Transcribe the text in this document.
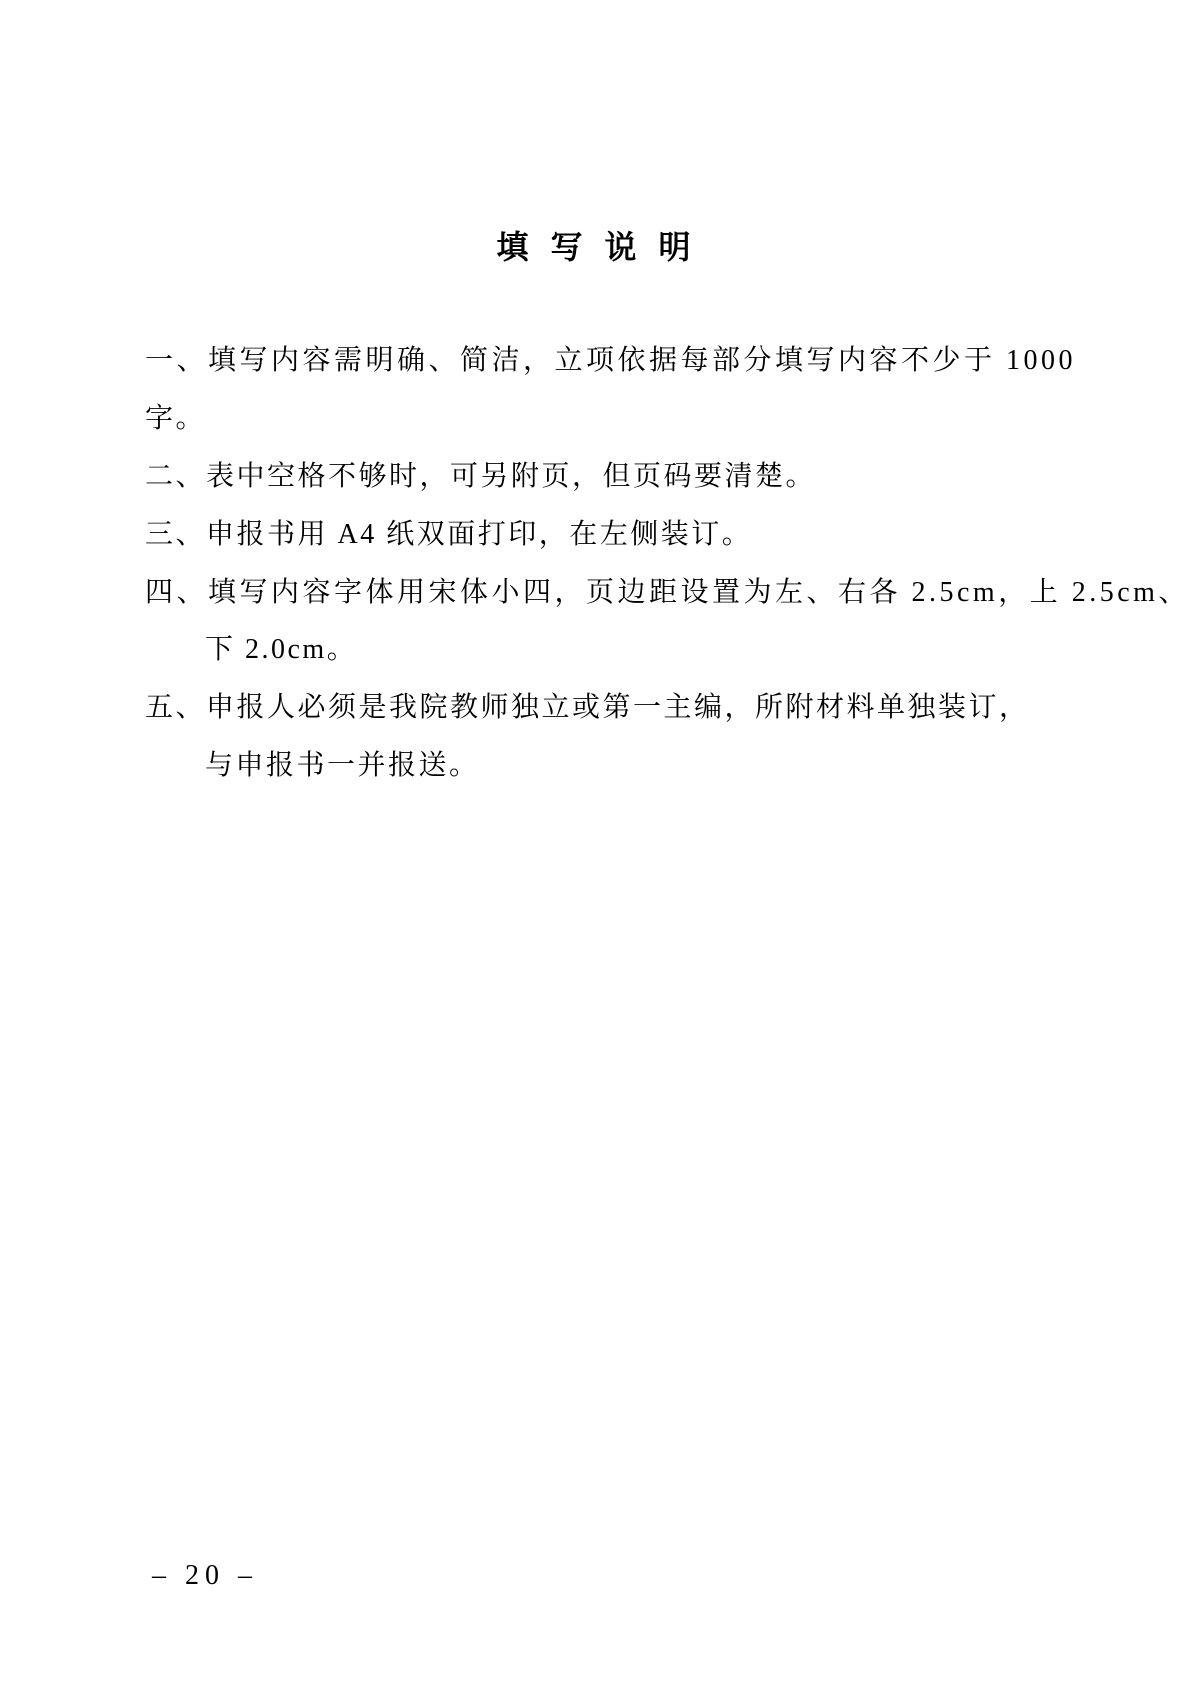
填 写 说 明
一、填写内容需明确、简洁，立项依据每部分填写内容不少于 1000
字。
二、表中空格不够时，可另附页，但页码要清楚。
三、申报书用 A4 纸双面打印，在左侧装订。
四、填写内容字体用宋体小四，页边距设置为左、右各 2.5cm，上 2.5cm、
下 2.0cm。
五、申报人必须是我院教师独立或第一主编，所附材料单独装订，
与申报书一并报送。
– 20 –
